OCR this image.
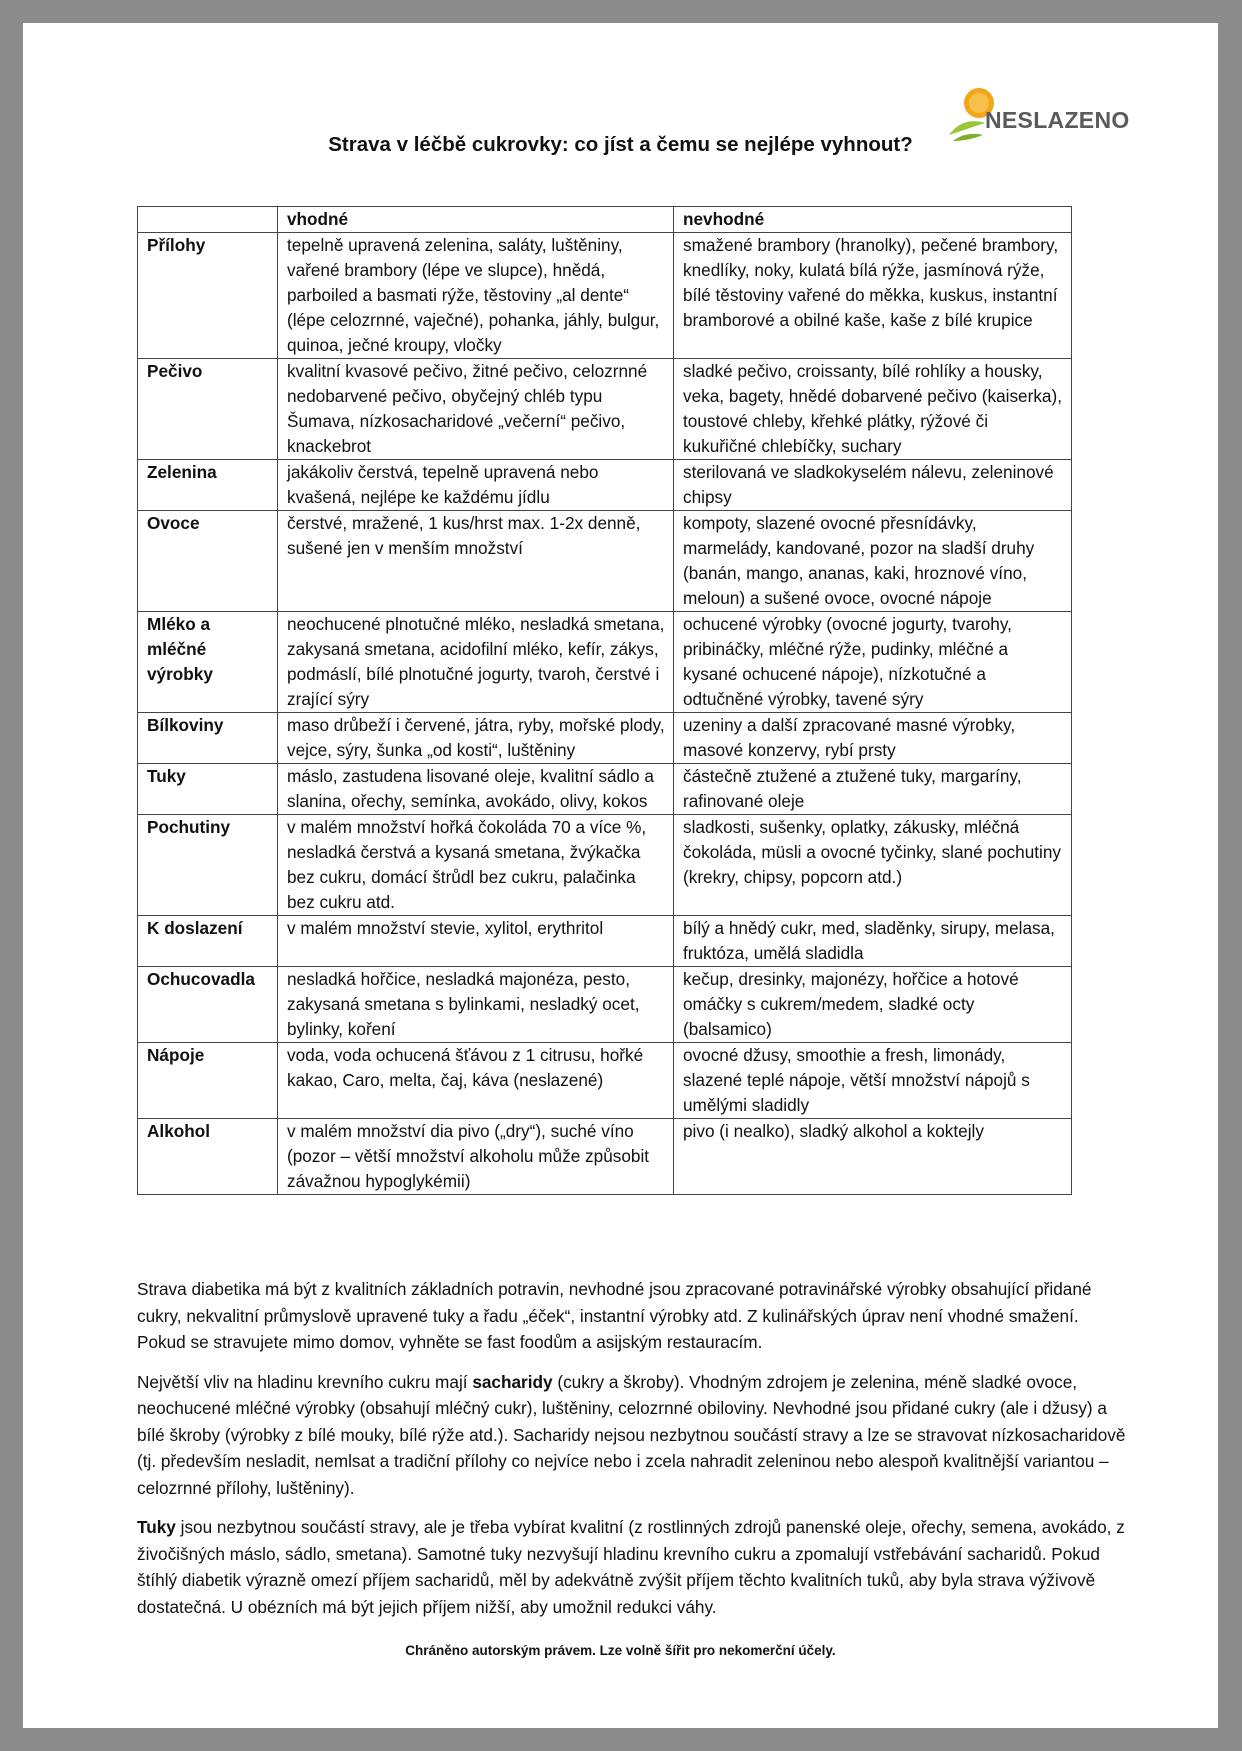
NESLAZENO
Strava v léčbě cukrovky: co jíst a čemu se nejlépe vyhnout?
	vhodné	nevhodné
Přílohy	tepelně upravená zelenina, saláty, luštěniny, vařené brambory (lépe ve slupce), hnědá, parboiled a basmati rýže, těstoviny „al dente“ (lépe celozrnné, vaječné), pohanka, jáhly, bulgur, quinoa, ječné kroupy, vločky	smažené brambory (hranolky), pečené brambory, knedlíky, noky, kulatá bílá rýže, jasmínová rýže, bílé těstoviny vařené do měkka, kuskus, instantní bramborové a obilné kaše, kaše z bílé krupice
Pečivo	kvalitní kvasové pečivo, žitné pečivo, celozrnné nedobarvené pečivo, obyčejný chléb typu Šumava, nízkosacharidové „večerní“ pečivo, knackebrot	sladké pečivo, croissanty, bílé rohlíky a housky, veka, bagety, hnědé dobarvené pečivo (kaiserka), toustové chleby, křehké plátky, rýžové či kukuřičné chlebíčky, suchary
Zelenina	jakákoliv čerstvá, tepelně upravená nebo kvašená, nejlépe ke každému jídlu	sterilovaná ve sladkokyselém nálevu, zeleninové chipsy
Ovoce	čerstvé, mražené, 1 kus/hrst max. 1-2x denně, sušené jen v menším množství	kompoty, slazené ovocné přesnídávky, marmelády, kandované, pozor na sladší druhy (banán, mango, ananas, kaki, hroznové víno, meloun) a sušené ovoce, ovocné nápoje
Mléko a mléčné výrobky	neochucené plnotučné mléko, nesladká smetana, zakysaná smetana, acidofilní mléko, kefír, zákys, podmáslí, bílé plnotučné jogurty, tvaroh, čerstvé i zrající sýry	ochucené výrobky (ovocné jogurty, tvarohy, pribináčky, mléčné rýže, pudinky, mléčné a kysané ochucené nápoje), nízkotučné a odtučněné výrobky, tavené sýry
Bílkoviny	maso drůbeží i červené, játra, ryby, mořské plody, vejce, sýry, šunka „od kosti“, luštěniny	uzeniny a další zpracované masné výrobky, masové konzervy, rybí prsty
Tuky	máslo, zastudena lisované oleje, kvalitní sádlo a slanina, ořechy, semínka, avokádo, olivy, kokos	částečně ztužené a ztužené tuky, margaríny, rafinované oleje
Pochutiny	v malém množství hořká čokoláda 70 a více %, nesladká čerstvá a kysaná smetana, žvýkačka bez cukru, domácí štrůdl bez cukru, palačinka bez cukru atd.	sladkosti, sušenky, oplatky, zákusky, mléčná čokoláda, müsli a ovocné tyčinky, slané pochutiny (krekry, chipsy, popcorn atd.)
K doslazení	v malém množství stevie, xylitol, erythritol	bílý a hnědý cukr, med, sladěnky, sirupy, melasa, fruktóza, umělá sladidla
Ochucovadla	nesladká hořčice, nesladká majonéza, pesto, zakysaná smetana s bylinkami, nesladký ocet, bylinky, koření	kečup, dresinky, majonézy, hořčice a hotové omáčky s cukrem/medem, sladké octy (balsamico)
Nápoje	voda, voda ochucená šťávou z 1 citrusu, hořké kakao, Caro, melta, čaj, káva (neslazené)	ovocné džusy, smoothie a fresh, limonády, slazené teplé nápoje, větší množství nápojů s umělými sladidly
Alkohol	v malém množství dia pivo („dry“), suché víno (pozor – větší množství alkoholu může způsobit závažnou hypoglykémii)	pivo (i nealko), sladký alkohol a koktejly

Strava diabetika má být z kvalitních základních potravin, nevhodné jsou zpracované potravinářské výrobky obsahující přidané cukry, nekvalitní průmyslově upravené tuky a řadu „éček“, instantní výrobky atd. Z kulinářských úprav není vhodné smažení. Pokud se stravujete mimo domov, vyhněte se fast foodům a asijským restauracím.

Největší vliv na hladinu krevního cukru mají sacharidy (cukry a škroby). Vhodným zdrojem je zelenina, méně sladké ovoce, neochucené mléčné výrobky (obsahují mléčný cukr), luštěniny, celozrnné obiloviny. Nevhodné jsou přidané cukry (ale i džusy) a bílé škroby (výrobky z bílé mouky, bílé rýže atd.). Sacharidy nejsou nezbytnou součástí stravy a lze se stravovat nízkosacharidově (tj. především nesladit, nemlsat a tradiční přílohy co nejvíce nebo i zcela nahradit zeleninou nebo alespoň kvalitnější variantou – celozrnné přílohy, luštěniny).

Tuky jsou nezbytnou součástí stravy, ale je třeba vybírat kvalitní (z rostlinných zdrojů panenské oleje, ořechy, semena, avokádo, z živočišných máslo, sádlo, smetana). Samotné tuky nezvyšují hladinu krevního cukru a zpomalují vstřebávání sacharidů. Pokud štíhlý diabetik výrazně omezí příjem sacharidů, měl by adekvátně zvýšit příjem těchto kvalitních tuků, aby byla strava výživově dostatečná. U obézních má být jejich příjem nižší, aby umožnil redukci váhy.

Chráněno autorským právem. Lze volně šířit pro nekomerční účely.
